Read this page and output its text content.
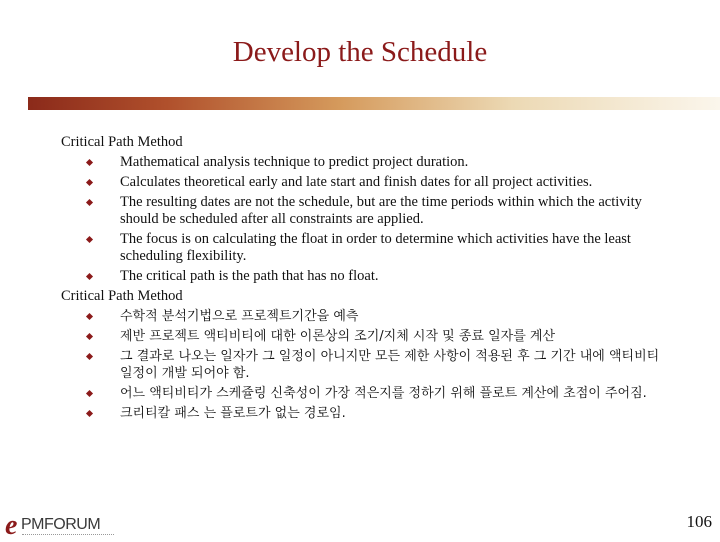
Develop the Schedule
Critical Path Method
Mathematical analysis technique to predict project duration.
Calculates theoretical early and late start and finish dates for all project activities.
The resulting dates are not the schedule, but are the time periods within which the activity should be scheduled after all constraints are applied.
The focus is on calculating the float in order to determine which activities have the least scheduling flexibility.
The critical path is the path that has no float.
Critical Path Method
수학적 분석기법으로 프로젝트기간을 예측
제반 프로젝트 액티비티에 대한 이론상의 조기/지체 시작 및 종료 일자를 계산
그 결과로 나오는 일자가 그 일정이 아니지만 모든 제한 사항이 적용된 후 그 기간 내에 액티비티 일정이 개발 되어야 함.
어느 액티비티가 스케쥴링 신축성이 가장 적은지를 정하기 위해 플로트 계산에 초점이 주어짐.
크리티칼 패스 는 플로트가 없는 경로임.
e PMFORUM	106
